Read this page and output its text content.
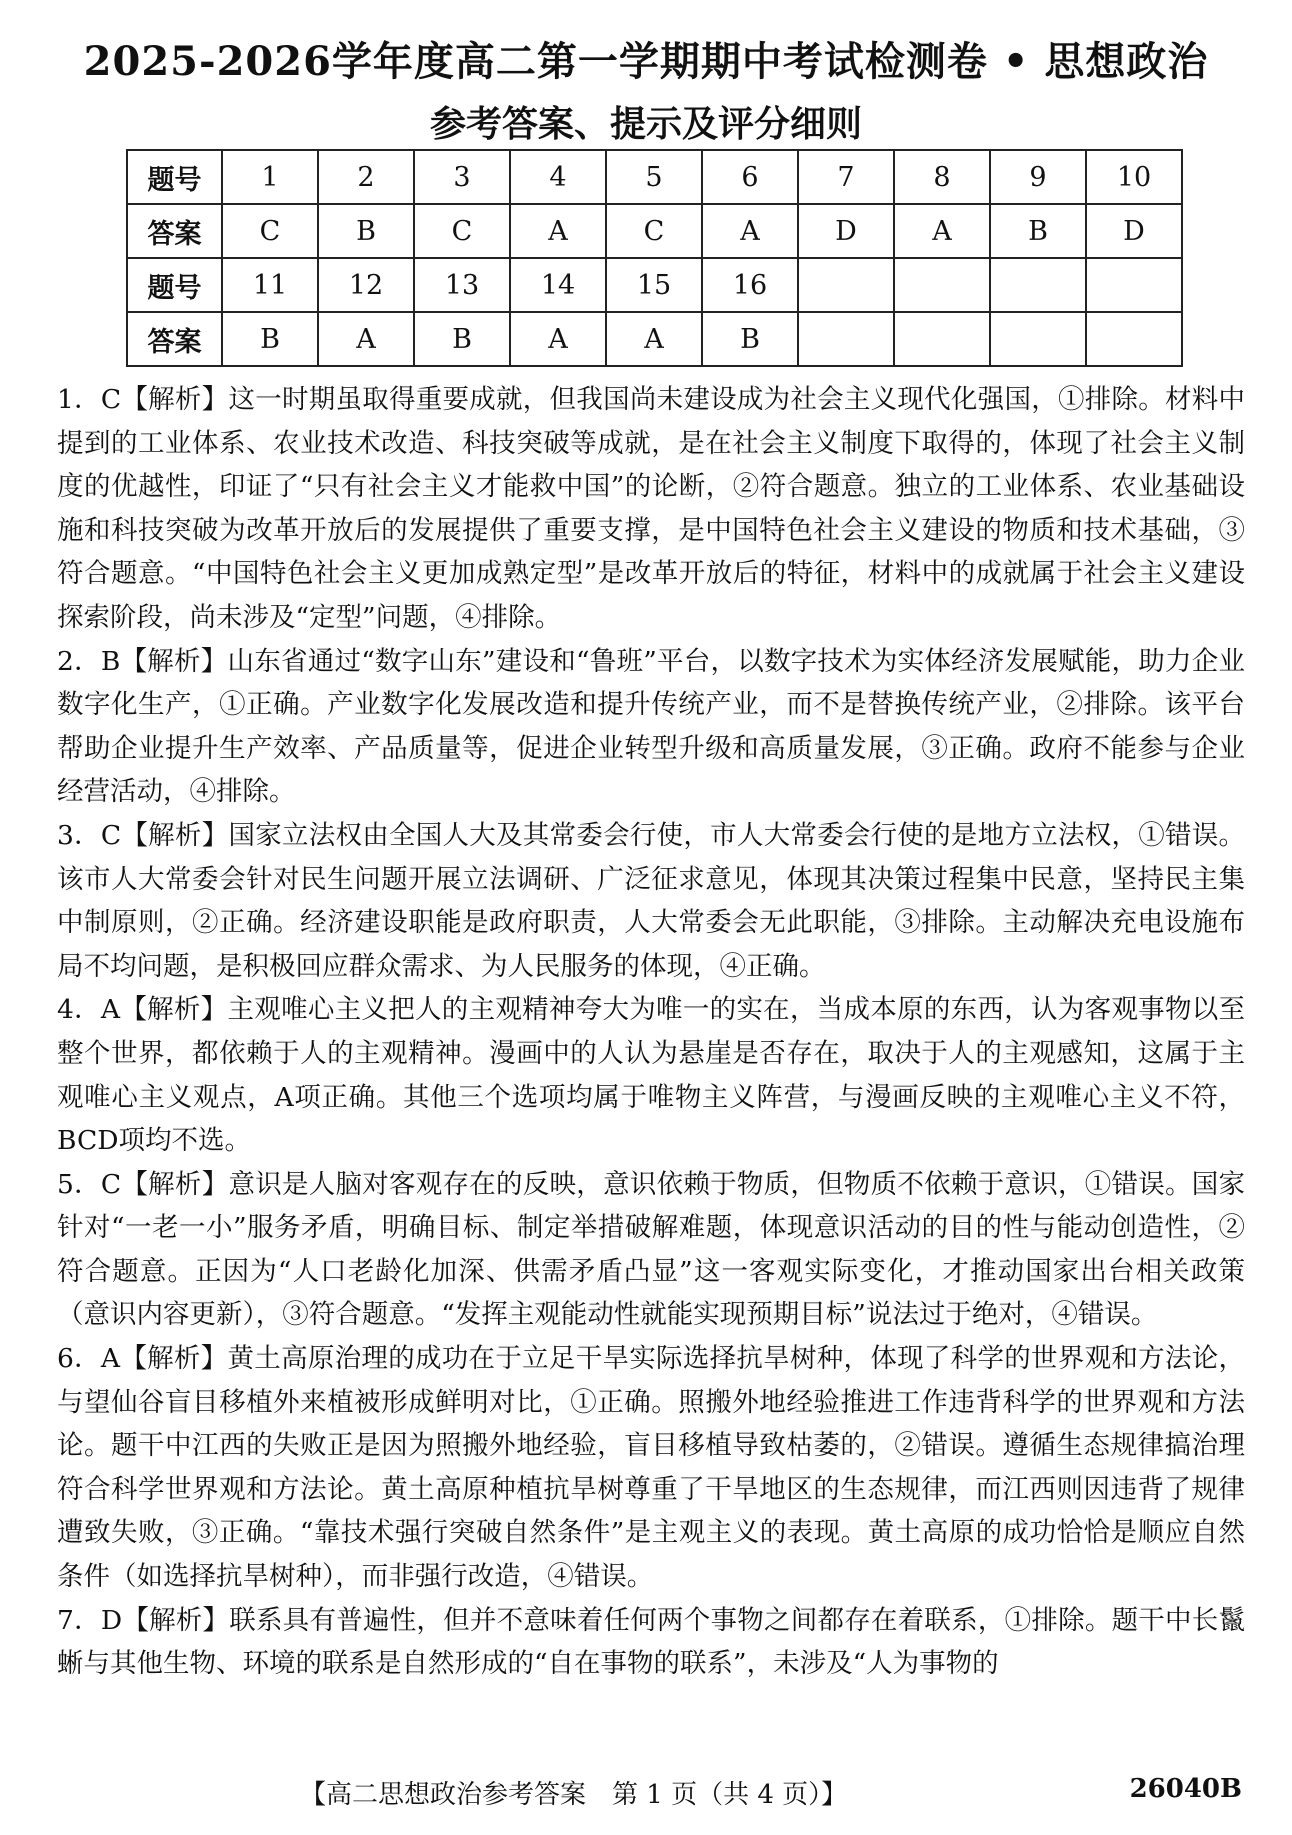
2025-2026学年度高二第一学期期中考试检测卷 • 思想政治
参考答案、提示及评分细则
题号	1	2	3	4	5	6	7	8	9	10
答案	C	B	C	A	C	A	D	A	B	D
题号	11	12	13	14	15	16				
答案	B	A	B	A	A	B				

1．C【解析】这一时期虽取得重要成就，但我国尚未建设成为社会主义现代化强国，①排除。材料中提到的工业体系、农业技术改造、科技突破等成就，是在社会主义制度下取得的，体现了社会主义制度的优越性，印证了“只有社会主义才能救中国”的论断，②符合题意。独立的工业体系、农业基础设施和科技突破为改革开放后的发展提供了重要支撑，是中国特色社会主义建设的物质和技术基础，③符合题意。“中国特色社会主义更加成熟定型”是改革开放后的特征，材料中的成就属于社会主义建设探索阶段，尚未涉及“定型”问题，④排除。

2．B【解析】山东省通过“数字山东”建设和“鲁班”平台，以数字技术为实体经济发展赋能，助力企业数字化生产，①正确。产业数字化发展改造和提升传统产业，而不是替换传统产业，②排除。该平台帮助企业提升生产效率、产品质量等，促进企业转型升级和高质量发展，③正确。政府不能参与企业经营活动，④排除。

3．C【解析】国家立法权由全国人大及其常委会行使，市人大常委会行使的是地方立法权，①错误。该市人大常委会针对民生问题开展立法调研、广泛征求意见，体现其决策过程集中民意，坚持民主集中制原则，②正确。经济建设职能是政府职责，人大常委会无此职能，③排除。主动解决充电设施布局不均问题，是积极回应群众需求、为人民服务的体现，④正确。

4．A【解析】主观唯心主义把人的主观精神夸大为唯一的实在，当成本原的东西，认为客观事物以至整个世界，都依赖于人的主观精神。漫画中的人认为悬崖是否存在，取决于人的主观感知，这属于主观唯心主义观点，A项正确。其他三个选项均属于唯物主义阵营，与漫画反映的主观唯心主义不符，BCD项均不选。

5．C【解析】意识是人脑对客观存在的反映，意识依赖于物质，但物质不依赖于意识，①错误。国家针对“一老一小”服务矛盾，明确目标、制定举措破解难题，体现意识活动的目的性与能动创造性，②符合题意。正因为“人口老龄化加深、供需矛盾凸显”这一客观实际变化，才推动国家出台相关政策（意识内容更新），③符合题意。“发挥主观能动性就能实现预期目标”说法过于绝对，④错误。

6．A【解析】黄土高原治理的成功在于立足干旱实际选择抗旱树种，体现了科学的世界观和方法论，与望仙谷盲目移植外来植被形成鲜明对比，①正确。照搬外地经验推进工作违背科学的世界观和方法论。题干中江西的失败正是因为照搬外地经验，盲目移植导致枯萎的，②错误。遵循生态规律搞治理符合科学世界观和方法论。黄土高原种植抗旱树尊重了干旱地区的生态规律，而江西则因违背了规律遭致失败，③正确。“靠技术强行突破自然条件”是主观主义的表现。黄土高原的成功恰恰是顺应自然条件（如选择抗旱树种），而非强行改造，④错误。

7．D【解析】联系具有普遍性，但并不意味着任何两个事物之间都存在着联系，①排除。题干中长鬣蜥与其他生物、环境的联系是自然形成的“自在事物的联系”，未涉及“人为事物的

【高二思想政治参考答案　第 1 页（共 4 页）】	26040B
